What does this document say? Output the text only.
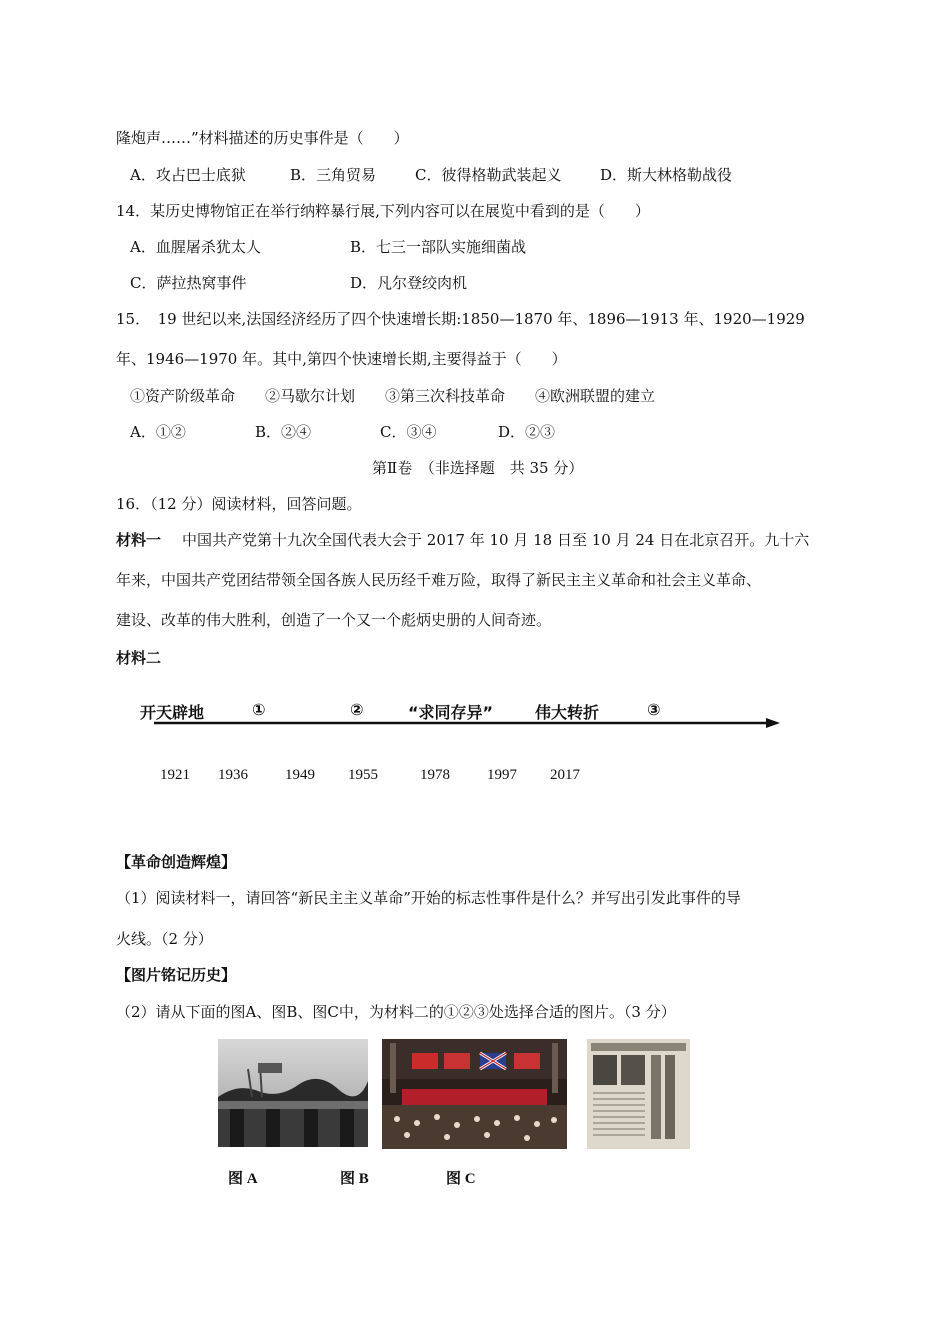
隆炮声……”材料描述的历史事件是（　　）
A．攻占巴士底狱	B．三角贸易	C．彼得格勒武装起义	D．斯大林格勒战役
14．某历史博物馆正在举行纳粹暴行展,下列内容可以在展览中看到的是（　　）
A．血腥屠杀犹太人	B．七三一部队实施细菌战
C．萨拉热窝事件	D．凡尔登绞肉机
15．　19 世纪以来,法国经济经历了四个快速增长期:1850—1870 年、1896—1913 年、1920—1929
年、1946—1970 年。其中,第四个快速增长期,主要得益于（　　）
①资产阶级革命　　②马歇尔计划　　③第三次科技革命　　④欧洲联盟的建立
A．①②	B．②④	C．③④	D．②③
第Ⅱ卷　（非选择题　共 35 分）
16．（12 分）阅读材料，回答问题。
材料一 中国共产党第十九次全国代表大会于 2017 年 10 月 18 日至 10 月 24 日在北京召开。九十六
年来，中国共产党团结带领全国各族人民历经千难万险，取得了新民主主义革命和社会主义革命、
建设、改革的伟大胜利，创造了一个又一个彪炳史册的人间奇迹。
材料二
开天辟地	①	②	“求同存异”	伟大转折	③
1921 1936 1949 1955	1978 1997 2017
【革命创造辉煌】
（1）阅读材料一，请回答“新民主主义革命”开始的标志性事件是什么？并写出引发此事件的导
火线。（2 分）
【图片铭记历史】
（2）请从下面的图A、图B、图C中，为材料二的①②③处选择合适的图片。（3 分）
图 A	图 B	图 C
